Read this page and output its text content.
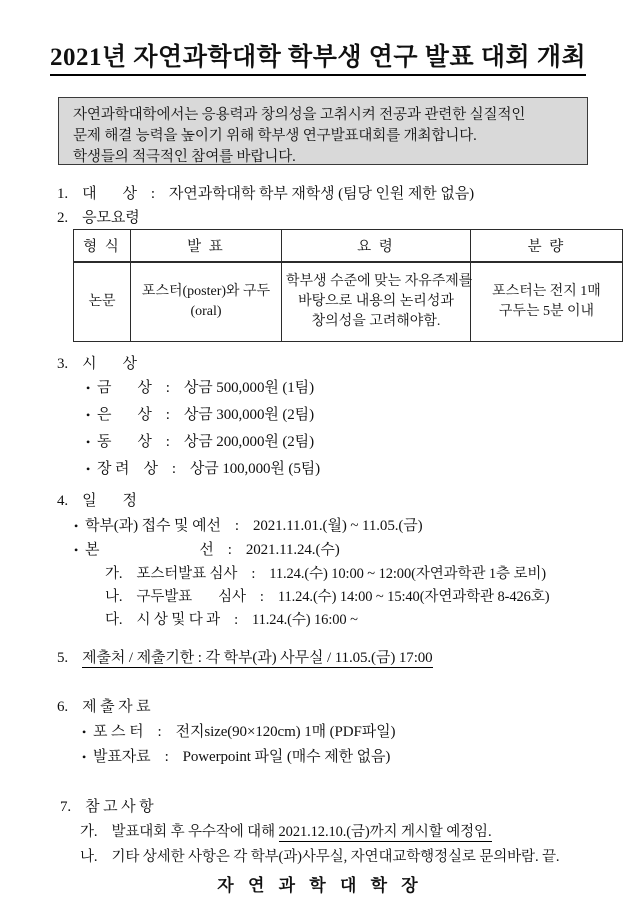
2021년 자연과학대학 학부생 연구 발표 대회 개최
자연과학대학에서는 응용력과 창의성을 고취시켜 전공과 관련한 실질적인
문제 해결 능력을 높이기 위해 학부생 연구발표대회를 개최합니다.
학생들의 적극적인 참여를 바랍니다.
1. 대 상 : 자연과학대학 학부 재학생 (팀당 인원 제한 없음)
2. 응모요령
형 식	발 표	요 령	분 량
논문	포스터(poster)와 구두(oral)	학부생 수준에 맞는 자유주제를
바탕으로 내용의 논리성과
창의성을 고려해야함.	포스터는 전지 1매
구두는 5분 이내
3. 시 상
• 금 상 : 상금 500,000원 (1팀)
• 은 상 : 상금 300,000원 (2팀)
• 동 상 : 상금 200,000원 (2팀)
• 장 려 상 : 상금 100,000원 (5팀)
4. 일 정
• 학부(과) 접수 및 예선 : 2021.11.01.(월) ~ 11.05.(금)
• 본	선 : 2021.11.24.(수)
가. 포스터발표 심사 : 11.24.(수) 10:00 ~ 12:00(자연과학관 1층 로비)
나. 구두발표 심사 : 11.24.(수) 14:00 ~ 15:40(자연과학관 8-426호)
다. 시 상 및 다 과 : 11.24.(수) 16:00 ~
5. 제출처 / 제출기한 : 각 학부(과) 사무실 / 11.05.(금) 17:00
6. 제 출 자 료
• 포 스 터 : 전지size(90×120cm) 1매 (PDF파일)
• 발표자료 : Powerpoint 파일 (매수 제한 없음)
7. 참 고 사 항
가. 발표대회 후 우수작에 대해 2021.12.10.(금)까지 게시할 예정임.
나. 기타 상세한 사항은 각 학부(과)사무실, 자연대교학행정실로 문의바람. 끝.
자 연 과 학 대 학 장
